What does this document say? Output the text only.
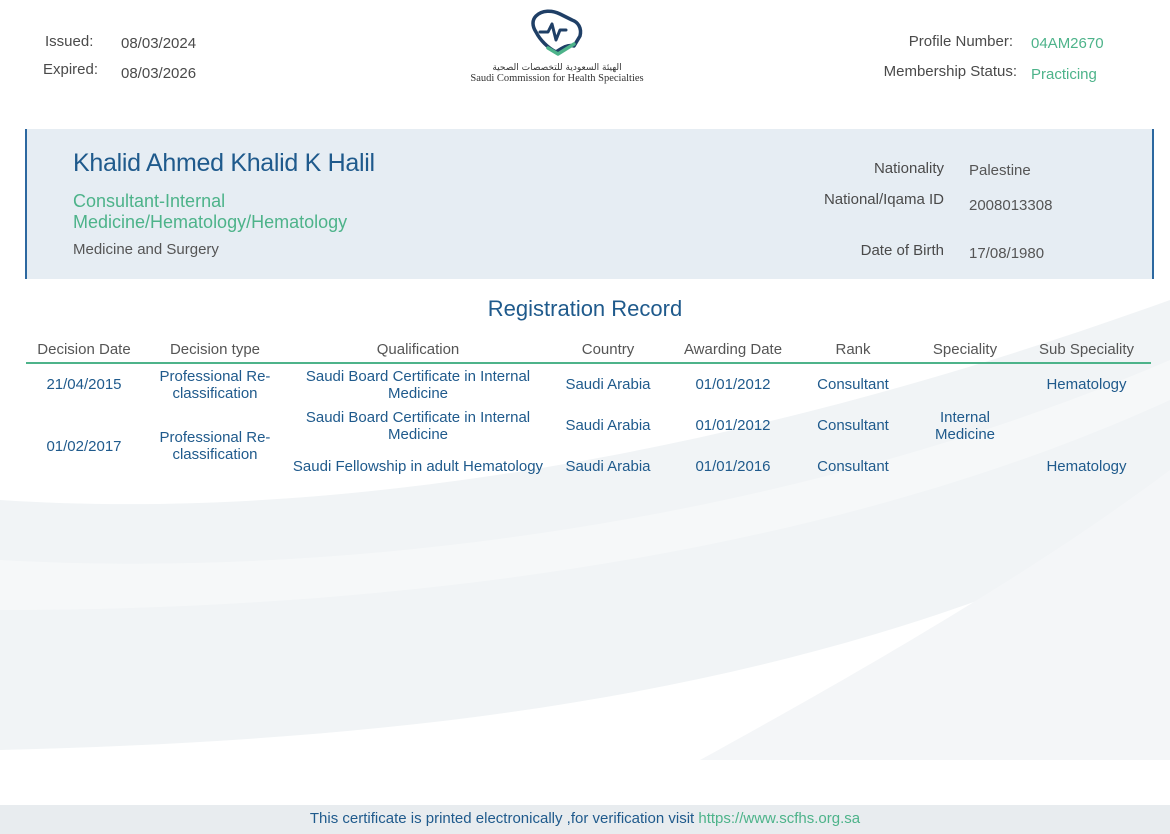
Issued: 08/03/2024
Expired: 08/03/2026	الهيئة السعودية للتخصصات الصحية
Saudi Commission for Health Specialties
Profile Number: 04AM2670
Membership Status: Practicing
Khalid Ahmed Khalid K Halil
Consultant-Internal Medicine/Hematology/Hematology
Medicine and Surgery
Nationality Palestine
National/Iqama ID 2008013308
Date of Birth 17/08/1980
Registration Record
Decision Date	Decision type	Qualification	Country	Awarding Date	Rank	Speciality	Sub Speciality
21/04/2015	Professional Re-classification	Saudi Board Certificate in Internal Medicine	Saudi Arabia	01/01/2012	Consultant		Hematology
01/02/2017	Professional Re-classification	Saudi Board Certificate in Internal Medicine	Saudi Arabia	01/01/2012	Consultant	Internal Medicine	
		Saudi Fellowship in adult Hematology	Saudi Arabia	01/01/2016	Consultant		Hematology
This certificate is printed electronically ,for verification visit https://www.scfhs.org.sa
